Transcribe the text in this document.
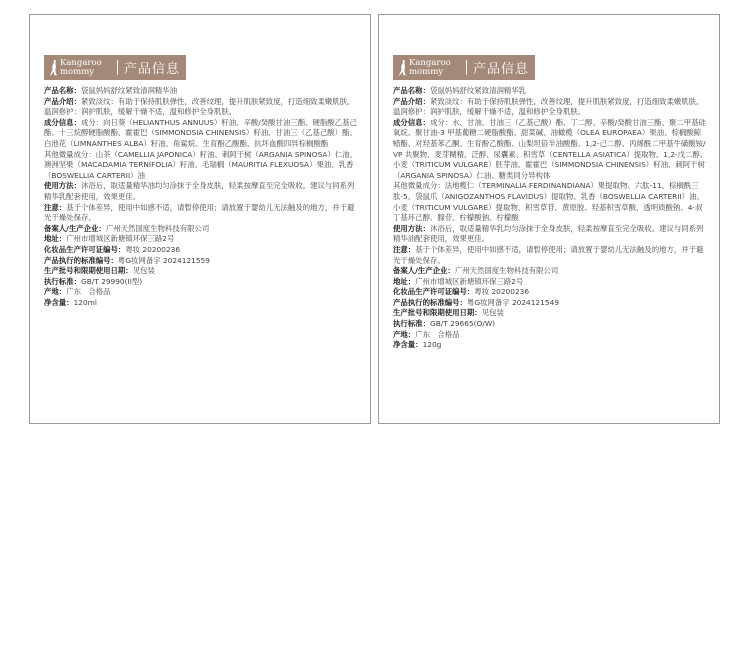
Kangaroo
mommy	产品信息

产品名称：袋鼠妈妈舒纹紧致清润精华油

产品介绍：紧致淡纹：有助于保持肌肤弹性，改善纹理，提升肌肤紧致度，打造细致柔嫩肌肤。

温润修护：润护肌肤，缓解干燥不适，温和修护全身肌肤。

成分信息：成分：向日葵（HELIANTHUS ANNUUS）籽油、辛酸/癸酸甘油三酯、硬脂酸乙基己酯、十三烷醇硬脂酸酯、霍霍巴（SIMMONDSIA CHINENSIS）籽油、甘油三（乙基己酸）酯、白池花（LIMNANTHES ALBA）籽油、角鲨烷、生育酚乙酸酯、抗坏血酸四异棕榈酸酯

其他微量成分：山茶（CAMELLIA JAPONICA）籽油、刺阿干树（ARGANIA SPINOSA）仁油、澳洲坚果（MACADAMIA TERNIFOLIA）籽油、毛瑞榈（MAURITIA FLEXUOSA）果油、乳香（BOSWELLIA CARTERII）油

使用方法：沐浴后，取适量精华油均匀涂抹于全身皮肤，轻柔按摩直至完全吸收。建议与同系列精华乳配套使用，效果更佳。

注意：基于个体差异，使用中如感不适，请暂停使用；请放置于婴幼儿无法触及的地方，并于避光干燥处保存。

备案人/生产企业：广州天然国度生物科技有限公司

地址：广州市增城区新塘镇环保三路2号

化妆品生产许可证编号：粤妆 20200236

产品执行的标准编号：粤G妆网备字 2024121559

生产批号和限期使用日期：见包装

执行标准：GB/T 29990(II型)

产地：广东　合格品

净含量：120ml

Kangaroo
mommy	产品信息

产品名称：袋鼠妈妈舒纹紧致清润精华乳

产品介绍：紧致淡纹：有助于保持肌肤弹性，改善纹理，提升肌肤紧致度，打造细致柔嫩肌肤。

温润修护：润护肌肤，缓解干燥不适，温和修护全身肌肤。

成分信息：成分：水、甘油、甘油三（乙基己酸）酯、丁二醇、辛酸/癸酸甘油三酯、聚二甲基硅氧烷、聚甘油-3 甲基葡糖二硬脂酸酯、甜菜碱、油橄榄（OLEA EUROPAEA）果油、棕榈酸鲸蜡酯、对羟基苯乙酮、生育酚乙酸酯、山梨坦倍半油酸酯、1,2-己二醇、丙烯酰二甲基牛磺酸铵/VP 共聚物、麦芽糊精、泛醇、尿囊素、积雪草（CENTELLA ASIATICA）提取物、1,2-戊二醇、小麦（TRITICUM VULGARE）胚芽油、霍霍巴（SIMMONDSIA CHINENSIS）籽油、刺阿干树（ARGANIA SPINOSA）仁油、糖类同分异构体

其他微量成分：法地榄仁（TERMINALIA FERDINANDIANA）果提取物、六肽-11、棕榈酰三肽-5、袋鼠爪（ANIGOZANTHOS FLAVIDUS）提取物、乳香（BOSWELLIA CARTERII）油、小麦（TRITICUM VULGARE）提取物、积雪草苷、黄原胶、羟基积雪草酸、透明质酸钠、4-叔丁基环己醇、腺苷、柠檬酸钠、柠檬酸

使用方法：沐浴后，取适量精华乳均匀涂抹于全身皮肤，轻柔按摩直至完全吸收。建议与同系列精华油配套使用，效果更佳。

注意：基于个体差异，使用中如感不适，请暂停使用；请放置于婴幼儿无法触及的地方，并于避光干燥处保存。

备案人/生产企业：广州天然国度生物科技有限公司

地址：广州市增城区新塘镇环保三路2号

化妆品生产许可证编号：粤妆 20200236

产品执行的标准编号：粤G妆网备字 2024121549

生产批号和限期使用日期：见包装

执行标准：GB/T 29665(O/W)

产地：广东　合格品

净含量：120g
